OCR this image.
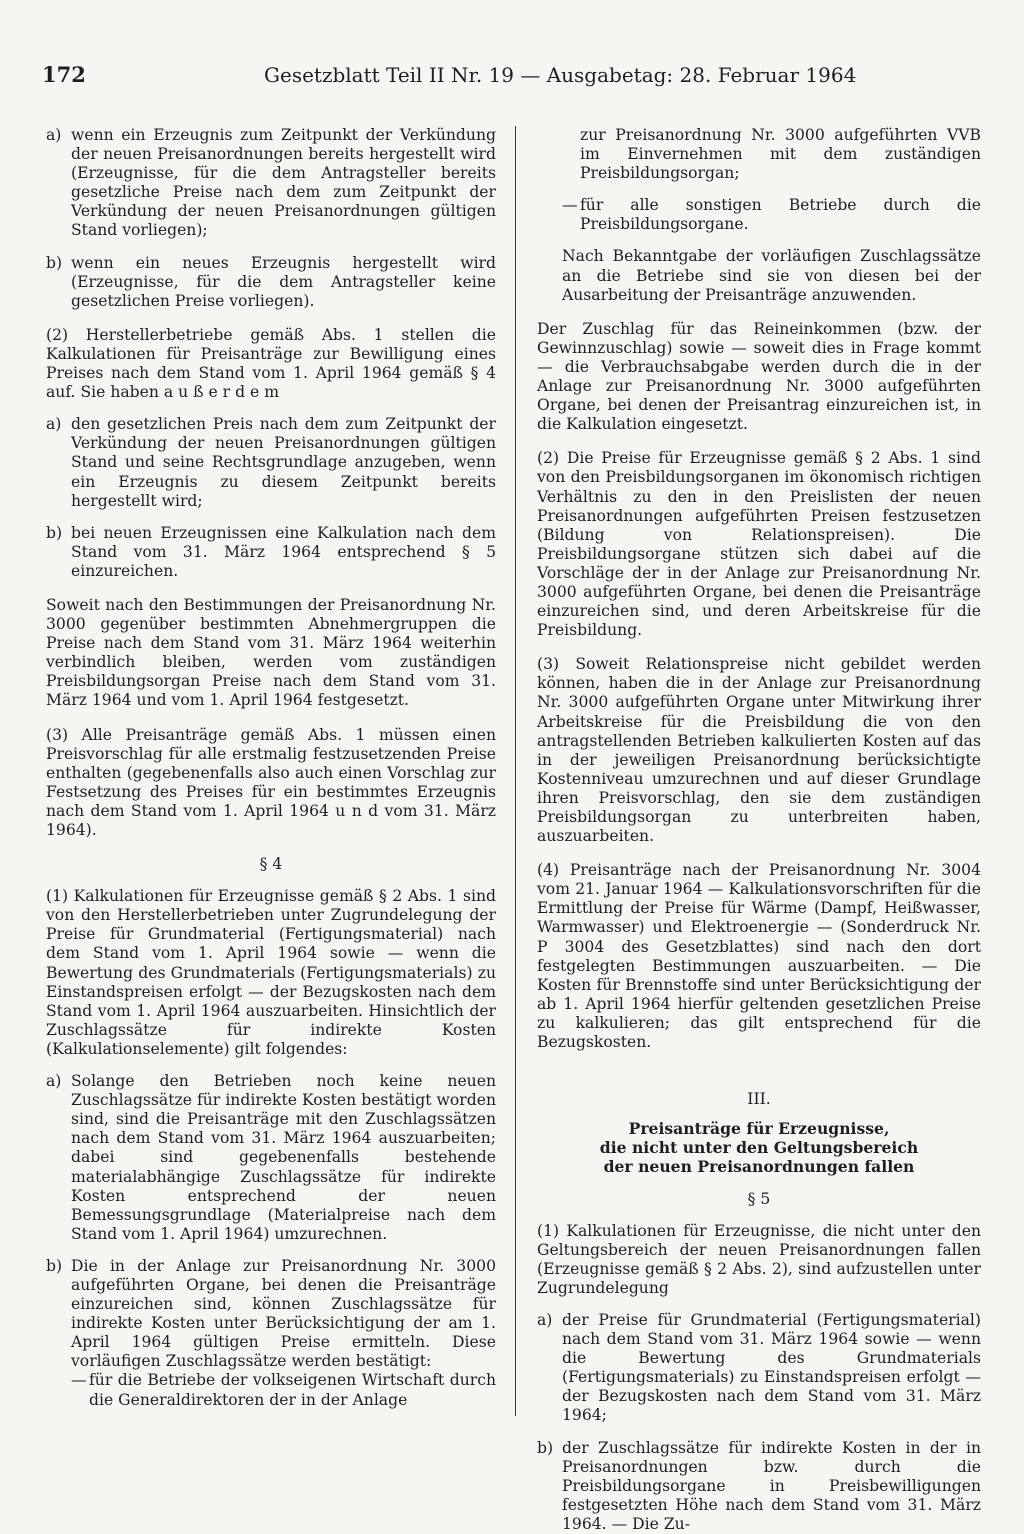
172	Gesetzblatt Teil II Nr. 19 — Ausgabetag: 28. Februar 1964
a) wenn ein Erzeugnis zum Zeitpunkt der Verkündung der neuen Preisanordnungen bereits hergestellt wird (Erzeugnisse, für die dem Antragsteller bereits gesetzliche Preise nach dem zum Zeitpunkt der Verkündung der neuen Preisanordnungen gültigen Stand vorliegen);
b) wenn ein neues Erzeugnis hergestellt wird (Erzeugnisse, für die dem Antragsteller keine gesetzlichen Preise vorliegen).

(2) Herstellerbetriebe gemäß Abs. 1 stellen die Kalkulationen für Preisanträge zur Bewilligung eines Preises nach dem Stand vom 1. April 1964 gemäß § 4 auf. Sie haben a u ß e r d e m

a) den gesetzlichen Preis nach dem zum Zeitpunkt der Verkündung der neuen Preisanordnungen gültigen Stand und seine Rechtsgrundlage anzugeben, wenn ein Erzeugnis zu diesem Zeitpunkt bereits hergestellt wird;
b) bei neuen Erzeugnissen eine Kalkulation nach dem Stand vom 31. März 1964 entsprechend § 5 einzureichen.

Soweit nach den Bestimmungen der Preisanordnung Nr. 3000 gegenüber bestimmten Abnehmergruppen die Preise nach dem Stand vom 31. März 1964 weiterhin verbindlich bleiben, werden vom zuständigen Preisbildungsorgan Preise nach dem Stand vom 31. März 1964 und vom 1. April 1964 festgesetzt.

(3) Alle Preisanträge gemäß Abs. 1 müssen einen Preisvorschlag für alle erstmalig festzusetzenden Preise enthalten (gegebenenfalls also auch einen Vorschlag zur Festsetzung des Preises für ein bestimmtes Erzeugnis nach dem Stand vom 1. April 1964 u n d vom 31. März 1964).

§ 4

(1) Kalkulationen für Erzeugnisse gemäß § 2 Abs. 1 sind von den Herstellerbetrieben unter Zugrundelegung der Preise für Grundmaterial (Fertigungsmaterial) nach dem Stand vom 1. April 1964 sowie — wenn die Bewertung des Grundmaterials (Fertigungsmaterials) zu Einstandspreisen erfolgt — der Bezugskosten nach dem Stand vom 1. April 1964 auszuarbeiten. Hinsichtlich der Zuschlagssätze für indirekte Kosten (Kalkulationselemente) gilt folgendes:

a) Solange den Betrieben noch keine neuen Zuschlagssätze für indirekte Kosten bestätigt worden sind, sind die Preisanträge mit den Zuschlagssätzen nach dem Stand vom 31. März 1964 auszuarbeiten; dabei sind gegebenenfalls bestehende materialabhängige Zuschlagssätze für indirekte Kosten entsprechend der neuen Bemessungsgrundlage (Materialpreise nach dem Stand vom 1. April 1964) umzurechnen.
b) Die in der Anlage zur Preisanordnung Nr. 3000 aufgeführten Organe, bei denen die Preisanträge einzureichen sind, können Zuschlagssätze für indirekte Kosten unter Berücksichtigung der am 1. April 1964 gültigen Preise ermitteln. Diese vorläufigen Zuschlagssätze werden bestätigt:
— für die Betriebe der volkseigenen Wirtschaft durch die Generaldirektoren der in der Anlage

zur Preisanordnung Nr. 3000 aufgeführten VVB im Einvernehmen mit dem zuständigen Preisbildungsorgan;

— für alle sonstigen Betriebe durch die Preisbildungsorgane.

Nach Bekanntgabe der vorläufigen Zuschlagssätze an die Betriebe sind sie von diesen bei der Ausarbeitung der Preisanträge anzuwenden.

Der Zuschlag für das Reineinkommen (bzw. der Gewinnzuschlag) sowie — soweit dies in Frage kommt — die Verbrauchsabgabe werden durch die in der Anlage zur Preisanordnung Nr. 3000 aufgeführten Organe, bei denen der Preisantrag einzureichen ist, in die Kalkulation eingesetzt.

(2) Die Preise für Erzeugnisse gemäß § 2 Abs. 1 sind von den Preisbildungsorganen im ökonomisch richtigen Verhältnis zu den in den Preislisten der neuen Preisanordnungen aufgeführten Preisen festzusetzen (Bildung von Relationspreisen). Die Preisbildungsorgane stützen sich dabei auf die Vorschläge der in der Anlage zur Preisanordnung Nr. 3000 aufgeführten Organe, bei denen die Preisanträge einzureichen sind, und deren Arbeitskreise für die Preisbildung.

(3) Soweit Relationspreise nicht gebildet werden können, haben die in der Anlage zur Preisanordnung Nr. 3000 aufgeführten Organe unter Mitwirkung ihrer Arbeitskreise für die Preisbildung die von den antragstellenden Betrieben kalkulierten Kosten auf das in der jeweiligen Preisanordnung berücksichtigte Kostenniveau umzurechnen und auf dieser Grundlage ihren Preisvorschlag, den sie dem zuständigen Preisbildungsorgan zu unterbreiten haben, auszuarbeiten.

(4) Preisanträge nach der Preisanordnung Nr. 3004 vom 21. Januar 1964 — Kalkulationsvorschriften für die Ermittlung der Preise für Wärme (Dampf, Heißwasser, Warmwasser) und Elektroenergie — (Sonderdruck Nr. P 3004 des Gesetzblattes) sind nach den dort festgelegten Bestimmungen auszuarbeiten. — Die Kosten für Brennstoffe sind unter Berücksichtigung der ab 1. April 1964 hierfür geltenden gesetzlichen Preise zu kalkulieren; das gilt entsprechend für die Bezugskosten.

III.

Preisanträge für Erzeugnisse,
die nicht unter den Geltungsbereich
der neuen Preisanordnungen fallen

§ 5

(1) Kalkulationen für Erzeugnisse, die nicht unter den Geltungsbereich der neuen Preisanordnungen fallen (Erzeugnisse gemäß § 2 Abs. 2), sind aufzustellen unter Zugrundelegung

a) der Preise für Grundmaterial (Fertigungsmaterial) nach dem Stand vom 31. März 1964 sowie — wenn die Bewertung des Grundmaterials (Fertigungsmaterials) zu Einstandspreisen erfolgt — der Bezugskosten nach dem Stand vom 31. März 1964;
b) der Zuschlagssätze für indirekte Kosten in der in Preisanordnungen bzw. durch die Preisbildungsorgane in Preisbewilligungen festgesetzten Höhe nach dem Stand vom 31. März 1964. — Die Zu-
